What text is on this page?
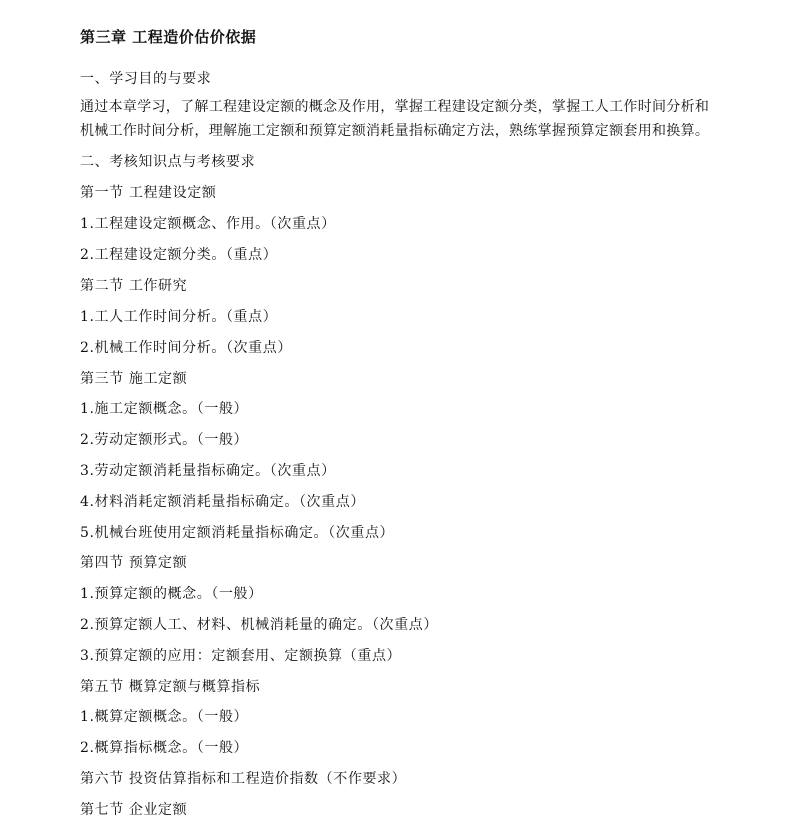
第三章 工程造价估价依据
一、学习目的与要求
通过本章学习，了解工程建设定额的概念及作用，掌握工程建设定额分类，掌握工人工作时间分析和
机械工作时间分析，理解施工定额和预算定额消耗量指标确定方法，熟练掌握预算定额套用和换算。
二、考核知识点与考核要求
第一节 工程建设定额
1.工程建设定额概念、作用。（次重点）
2.工程建设定额分类。（重点）
第二节 工作研究
1.工人工作时间分析。（重点）
2.机械工作时间分析。（次重点）
第三节 施工定额
1.施工定额概念。（一般）
2.劳动定额形式。（一般）
3.劳动定额消耗量指标确定。（次重点）
4.材料消耗定额消耗量指标确定。（次重点）
5.机械台班使用定额消耗量指标确定。（次重点）
第四节 预算定额
1.预算定额的概念。（一般）
2.预算定额人工、材料、机械消耗量的确定。（次重点）
3.预算定额的应用：定额套用、定额换算（重点）
第五节 概算定额与概算指标
1.概算定额概念。（一般）
2.概算指标概念。（一般）
第六节 投资估算指标和工程造价指数（不作要求）
第七节 企业定额
